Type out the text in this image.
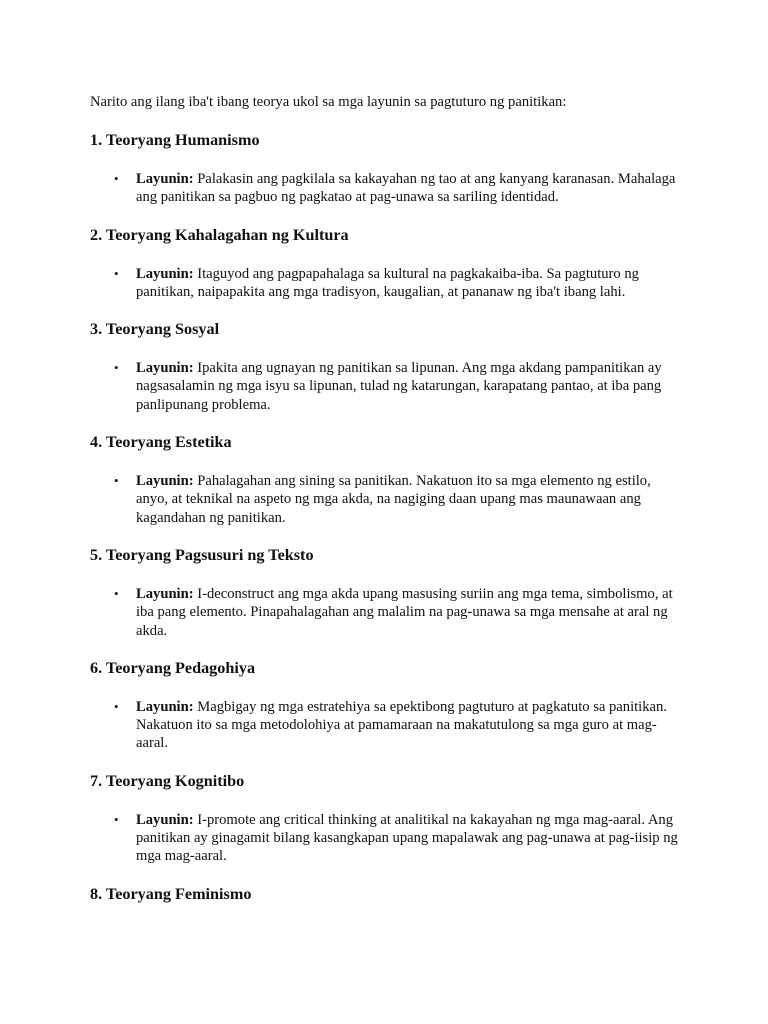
Narito ang ilang iba't ibang teorya ukol sa mga layunin sa pagtuturo ng panitikan:

1. Teoryang Humanismo
• Layunin: Palakasin ang pagkilala sa kakayahan ng tao at ang kanyang karanasan. Mahalaga ang panitikan sa pagbuo ng pagkatao at pag-unawa sa sariling identidad.
2. Teoryang Kahalagahan ng Kultura
• Layunin: Itaguyod ang pagpapahalaga sa kultural na pagkakaiba-iba. Sa pagtuturo ng panitikan, naipapakita ang mga tradisyon, kaugalian, at pananaw ng iba't ibang lahi.
3. Teoryang Sosyal
• Layunin: Ipakita ang ugnayan ng panitikan sa lipunan. Ang mga akdang pampanitikan ay nagsasalamin ng mga isyu sa lipunan, tulad ng katarungan, karapatang pantao, at iba pang panlipunang problema.
4. Teoryang Estetika
• Layunin: Pahalagahan ang sining sa panitikan. Nakatuon ito sa mga elemento ng estilo, anyo, at teknikal na aspeto ng mga akda, na nagiging daan upang mas maunawaan ang kagandahan ng panitikan.
5. Teoryang Pagsusuri ng Teksto
• Layunin: I-deconstruct ang mga akda upang masusing suriin ang mga tema, simbolismo, at iba pang elemento. Pinapahalagahan ang malalim na pag-unawa sa mga mensahe at aral ng akda.
6. Teoryang Pedagohiya
• Layunin: Magbigay ng mga estratehiya sa epektibong pagtuturo at pagkatuto sa panitikan. Nakatuon ito sa mga metodolohiya at pamamaraan na makatutulong sa mga guro at mag-aaral.
7. Teoryang Kognitibo
• Layunin: I-promote ang critical thinking at analitikal na kakayahan ng mga mag-aaral. Ang panitikan ay ginagamit bilang kasangkapan upang mapalawak ang pag-unawa at pag-iisip ng mga mag-aaral.
8. Teoryang Feminismo
